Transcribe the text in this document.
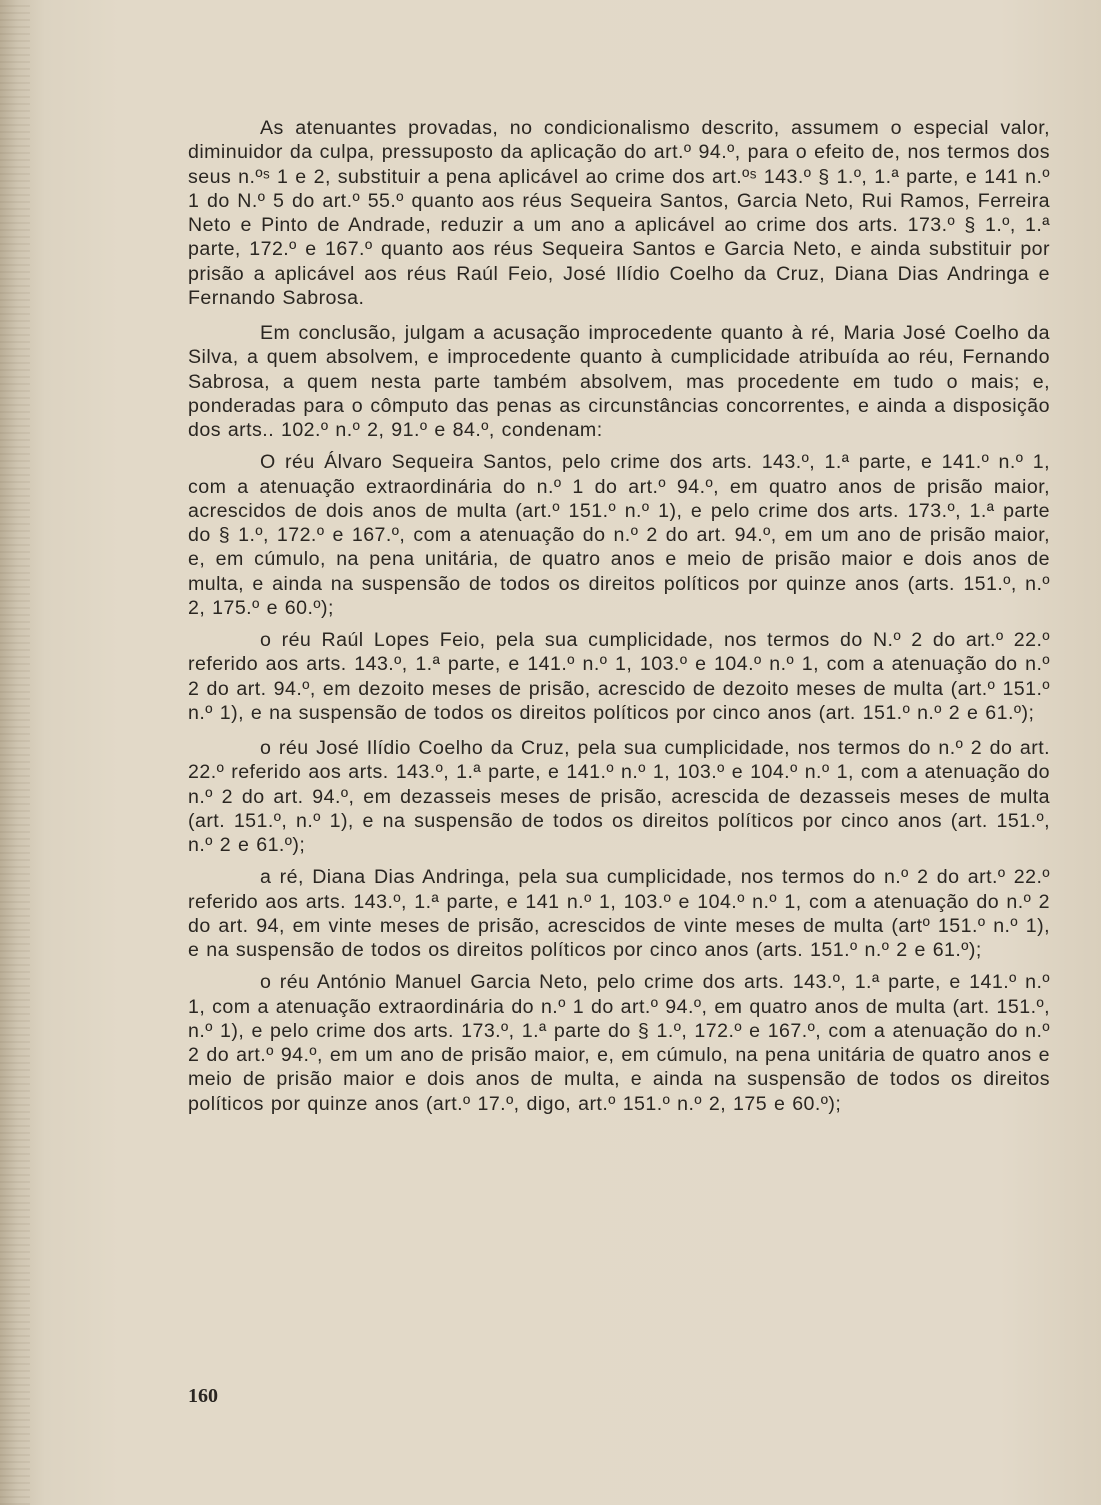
As atenuantes provadas, no condicionalismo descrito, assumem o especial valor, diminuidor da culpa, pressuposto da aplicação do art.º 94.º, para o efeito de, nos termos dos seus n.ºˢ 1 e 2, substituir a pena aplicável ao crime dos art.ºˢ 143.º § 1.º, 1.ª parte, e 141 n.º 1 do N.º 5 do art.º 55.º quanto aos réus Sequeira Santos, Garcia Neto, Rui Ramos, Ferreira Neto e Pinto de Andrade, reduzir a um ano a aplicável ao crime dos arts. 173.º § 1.º, 1.ª parte, 172.º e 167.º quanto aos réus Sequeira Santos e Garcia Neto, e ainda substituir por prisão a aplicável aos réus Raúl Feio, José Ilídio Coelho da Cruz, Diana Dias Andringa e Fernando Sabrosa.

Em conclusão, julgam a acusação improcedente quanto à ré, Maria José Coelho da Silva, a quem absolvem, e improcedente quanto à cumplicidade atribuída ao réu, Fernando Sabrosa, a quem nesta parte também absolvem, mas procedente em tudo o mais; e, ponderadas para o cômputo das penas as circunstâncias concorrentes, e ainda a disposição dos arts.. 102.º n.º 2, 91.º e 84.º, condenam:

O réu Álvaro Sequeira Santos, pelo crime dos arts. 143.º, 1.ª parte, e 141.º n.º 1, com a atenuação extraordinária do n.º 1 do art.º 94.º, em quatro anos de prisão maior, acrescidos de dois anos de multa (art.º 151.º n.º 1), e pelo crime dos arts. 173.º, 1.ª parte do § 1.º, 172.º e 167.º, com a atenuação do n.º 2 do art. 94.º, em um ano de prisão maior, e, em cúmulo, na pena unitária, de quatro anos e meio de prisão maior e dois anos de multa, e ainda na suspensão de todos os direitos políticos por quinze anos (arts. 151.º, n.º 2, 175.º e 60.º);

o réu Raúl Lopes Feio, pela sua cumplicidade, nos termos do N.º 2 do art.º 22.º referido aos arts. 143.º, 1.ª parte, e 141.º n.º 1, 103.º e 104.º n.º 1, com a atenuação do n.º 2 do art. 94.º, em dezoito meses de prisão, acrescido de dezoito meses de multa (art.º 151.º n.º 1), e na suspensão de todos os direitos políticos por cinco anos (art. 151.º n.º 2 e 61.º);

o réu José Ilídio Coelho da Cruz, pela sua cumplicidade, nos termos do n.º 2 do art. 22.º referido aos arts. 143.º, 1.ª parte, e 141.º n.º 1, 103.º e 104.º n.º 1, com a atenuação do n.º 2 do art. 94.º, em dezasseis meses de prisão, acrescida de dezasseis meses de multa (art. 151.º, n.º 1), e na suspensão de todos os direitos políticos por cinco anos (art. 151.º, n.º 2 e 61.º);

a ré, Diana Dias Andringa, pela sua cumplicidade, nos termos do n.º 2 do art.º 22.º referido aos arts. 143.º, 1.ª parte, e 141 n.º 1, 103.º e 104.º n.º 1, com a atenuação do n.º 2 do art. 94, em vinte meses de prisão, acrescidos de vinte meses de multa (artº 151.º n.º 1), e na suspensão de todos os direitos políticos por cinco anos (arts. 151.º n.º 2 e 61.º);

o réu António Manuel Garcia Neto, pelo crime dos arts. 143.º, 1.ª parte, e 141.º n.º 1, com a atenuação extraordinária do n.º 1 do art.º 94.º, em quatro anos de multa (art. 151.º, n.º 1), e pelo crime dos arts. 173.º, 1.ª parte do § 1.º, 172.º e 167.º, com a atenuação do n.º 2 do art.º 94.º, em um ano de prisão maior, e, em cúmulo, na pena unitária de quatro anos e meio de prisão maior e dois anos de multa, e ainda na suspensão de todos os direitos políticos por quinze anos (art.º 17.º, digo, art.º 151.º n.º 2, 175 e 60.º);

160
